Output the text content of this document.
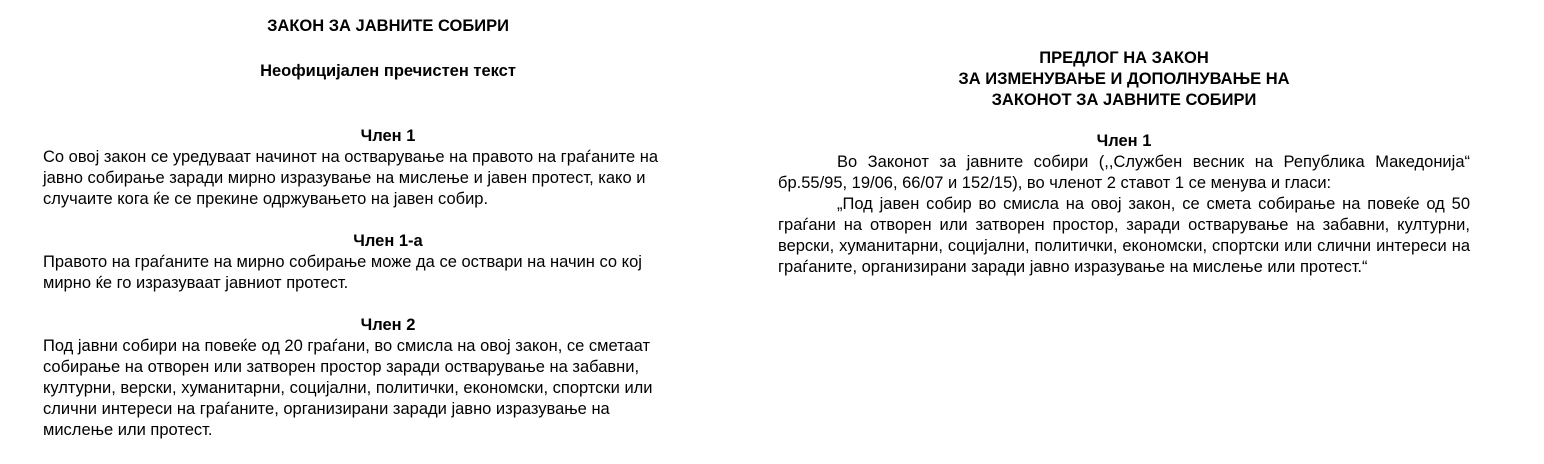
ЗАКОН ЗА ЈАВНИТЕ СОБИРИ
Неофицијален пречистен текст
Член 1

Со овој закон се уредуваат начинот на остварување на правото на граѓаните на

јавно собирање заради мирно изразување на мислење и јавен протест, како и

случаите кога ќе се прекине одржувањето на јавен собир.

Член 1-а

Правото на граѓаните на мирно собирање може да се оствари на начин со кој

мирно ќе го изразуваат јавниот протест.

Член 2

Под јавни собири на повеќе од 20 граѓани, во смисла на овој закон, се сметаат

собирање на отворен или затворен простор заради остварување на забавни,

културни, верски, хуманитарни, социјални, политички, економски, спортски или

слични интереси на граѓаните, организирани заради јавно изразување на

мислење или протест.

ПРЕДЛОГ НА ЗАКОН
ЗА ИЗМЕНУВАЊЕ И ДОПОЛНУВАЊЕ НА
ЗАКОНОТ ЗА ЈАВНИТЕ СОБИРИ
Член 1

Во Законот за јавните собири (,,Службен весник на Република Македонија“ бр.55/95, 19/06, 66/07 и 152/15), во членот 2 ставот 1 се менува и гласи:

„Под јавен собир во смисла на овој закон, се смета собирање на повеќе од 50 граѓани на отворен или затворен простор, заради остварување на забавни, културни, верски, хуманитарни, социјални, политички, економски, спортски или слични интереси на граѓаните, организирани заради јавно изразување на мислење или протест.“
